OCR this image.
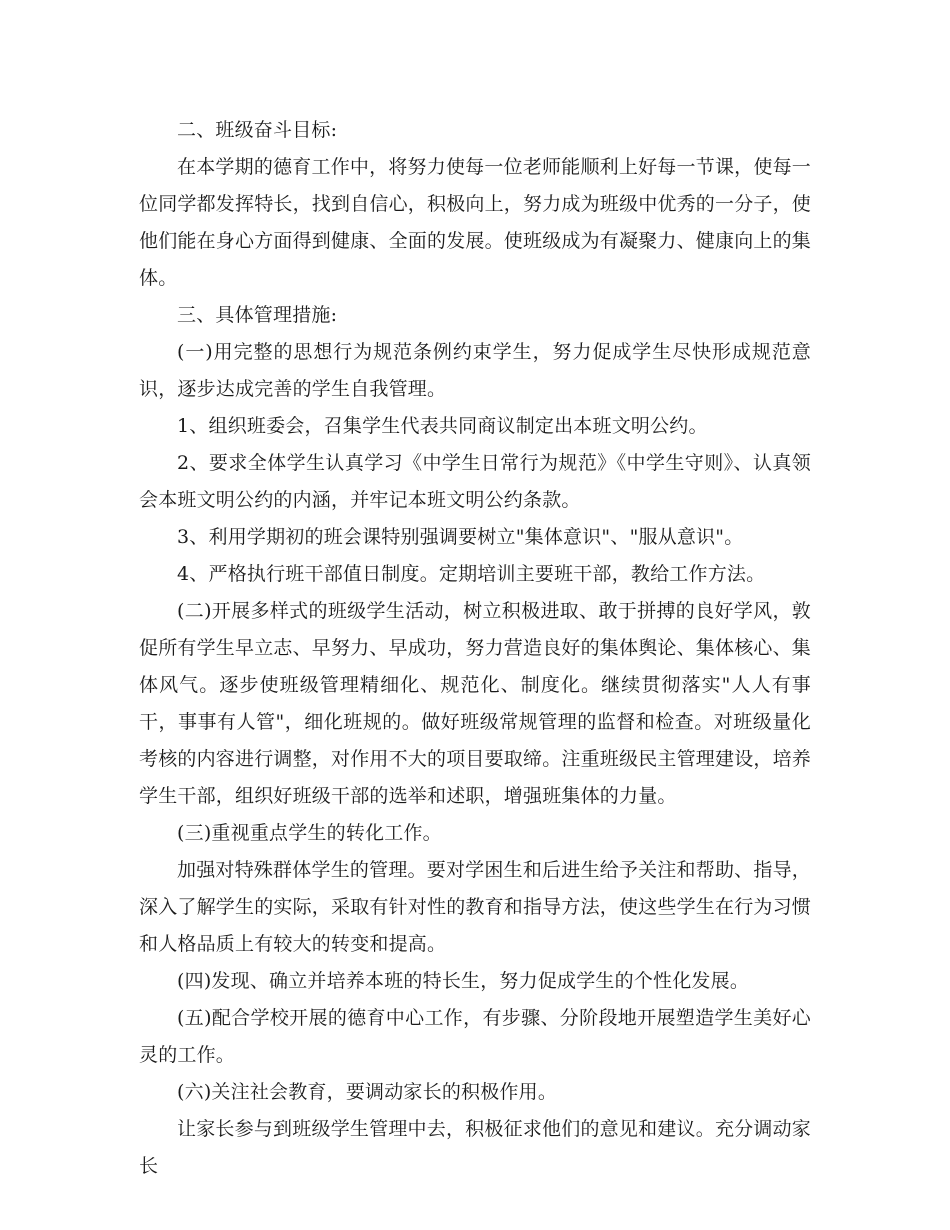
二、班级奋斗目标:

在本学期的德育工作中，将努力使每一位老师能顺利上好每一节课，使每一位同学都发挥特长，找到自信心，积极向上，努力成为班级中优秀的一分子，使他们能在身心方面得到健康、全面的发展。使班级成为有凝聚力、健康向上的集体。

三、具体管理措施:

(一)用完整的思想行为规范条例约束学生，努力促成学生尽快形成规范意识，逐步达成完善的学生自我管理。

1、组织班委会，召集学生代表共同商议制定出本班文明公约。

2、要求全体学生认真学习《中学生日常行为规范》《中学生守则》、认真领会本班文明公约的内涵，并牢记本班文明公约条款。

3、利用学期初的班会课特别强调要树立"集体意识"、"服从意识"。

4、严格执行班干部值日制度。定期培训主要班干部，教给工作方法。

(二)开展多样式的班级学生活动，树立积极进取、敢于拼搏的良好学风，敦促所有学生早立志、早努力、早成功，努力营造良好的集体舆论、集体核心、集体风气。逐步使班级管理精细化、规范化、制度化。继续贯彻落实"人人有事干，事事有人管"，细化班规的。做好班级常规管理的监督和检查。对班级量化考核的内容进行调整，对作用不大的项目要取缔。注重班级民主管理建设，培养学生干部，组织好班级干部的选举和述职，增强班集体的力量。

(三)重视重点学生的转化工作。

加强对特殊群体学生的管理。要对学困生和后进生给予关注和帮助、指导，深入了解学生的实际，采取有针对性的教育和指导方法，使这些学生在行为习惯和人格品质上有较大的转变和提高。

(四)发现、确立并培养本班的特长生，努力促成学生的个性化发展。

(五)配合学校开展的德育中心工作，有步骤、分阶段地开展塑造学生美好心灵的工作。

(六)关注社会教育，要调动家长的积极作用。

让家长参与到班级学生管理中去，积极征求他们的意见和建议。充分调动家长
